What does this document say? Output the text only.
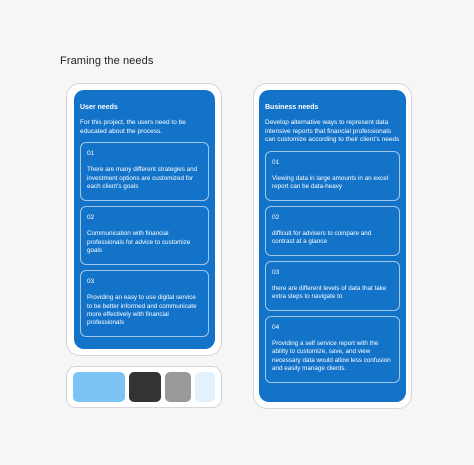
Framing the needs
User needs

For this project, the users need to be educated about the process.

01
There are many different strategies and investment options are customized for each client’s goals
02
Communication with financial professionals for advice to customize goals
03
Providing an easy to use digital service to be better informed and communicate more effectively with financial professionals
Business needs

Develop alternative ways to represent data intensive reports that financial professionals can customize according to their client’s needs

01
Viewing data in large amounts in an excel report can be data-heavy
02
difficult for advisers to compare and contrast at a glance
03
there are different levels of data that take extra steps to navigate to
04
Providing a self service report with the ability to customize, save, and view necessary data would allow less confusion and easily manage clients.
